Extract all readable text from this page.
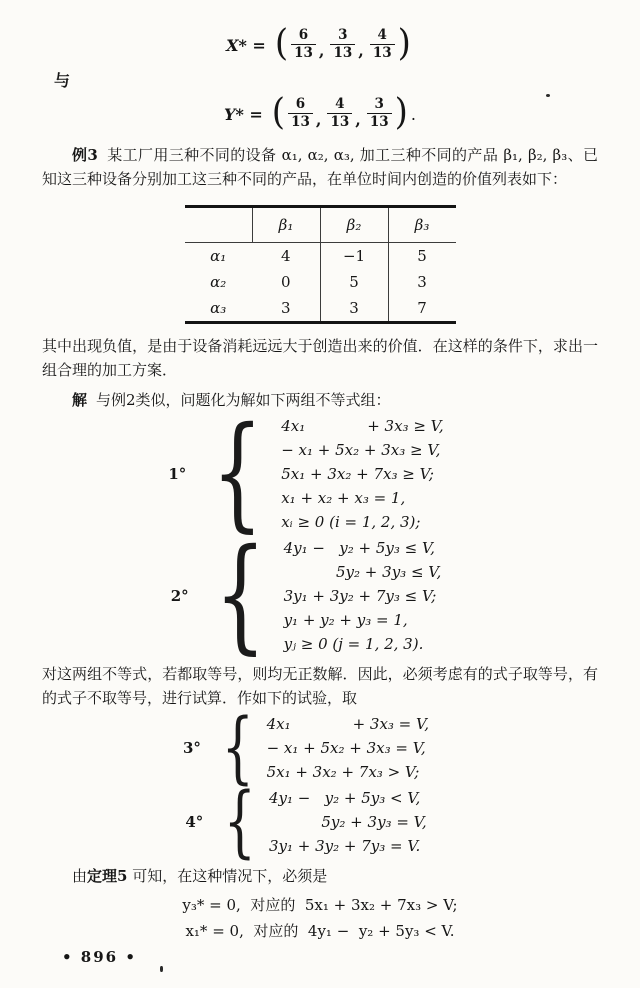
X* = ( $\frac{6}{13}$ , $\frac{3}{13}$ , $\frac{4}{13}$ )
与
Y* = ( $\frac{6}{13}$ , $\frac{4}{13}$ , $\frac{3}{13}$ ) .

例3 某工厂用三种不同的设备 α₁, α₂, α₃, 加工三种不同的产品 β₁, β₂, β₃、已知这三种设备分别加工这三种不同的产品，在单位时间内创造的价值列表如下：

	β₁	β₂	β₃
α₁	4	−1	5
α₂	0	5	3
α₃	3	3	7

其中出现负值，是由于设备消耗远远大于创造出来的价值．在这样的条件下，求出一组合理的加工方案．

解 与例2类似，问题化为解如下两组不等式组：

1° { 4x₁             + 3x₃ ≥ V,
− x₁ + 5x₂ + 3x₃ ≥ V,
5x₁ + 3x₂ + 7x₃ ≥ V;
x₁ + x₂ + x₃ = 1,
xᵢ ≥ 0 (i = 1, 2, 3);
2° { 4y₁ −   y₂ + 5y₃ ≤ V,
5y₂ + 3y₃ ≤ V,
3y₁ + 3y₂ + 7y₃ ≤ V;
y₁ + y₂ + y₃ = 1,
yⱼ ≥ 0 (j = 1, 2, 3).

对这两组不等式，若都取等号，则均无正数解．因此，必须考虑有的式子取等号，有的式子不取等号，进行试算．作如下的试验，取

3° { 4x₁             + 3x₃ = V,
− x₁ + 5x₂ + 3x₃ = V,
5x₁ + 3x₂ + 7x₃ > V;
4° { 4y₁ −   y₂ + 5y₃ < V,
5y₂ + 3y₃ = V,
3y₁ + 3y₂ + 7y₃ = V.

由定理5 可知，在这种情况下，必须是

y₃* = 0,  对应的  5x₁ + 3x₂ + 7x₃ > V;
x₁* = 0,  对应的  4y₁ −  y₂ + 5y₃ < V.
• 896 •
